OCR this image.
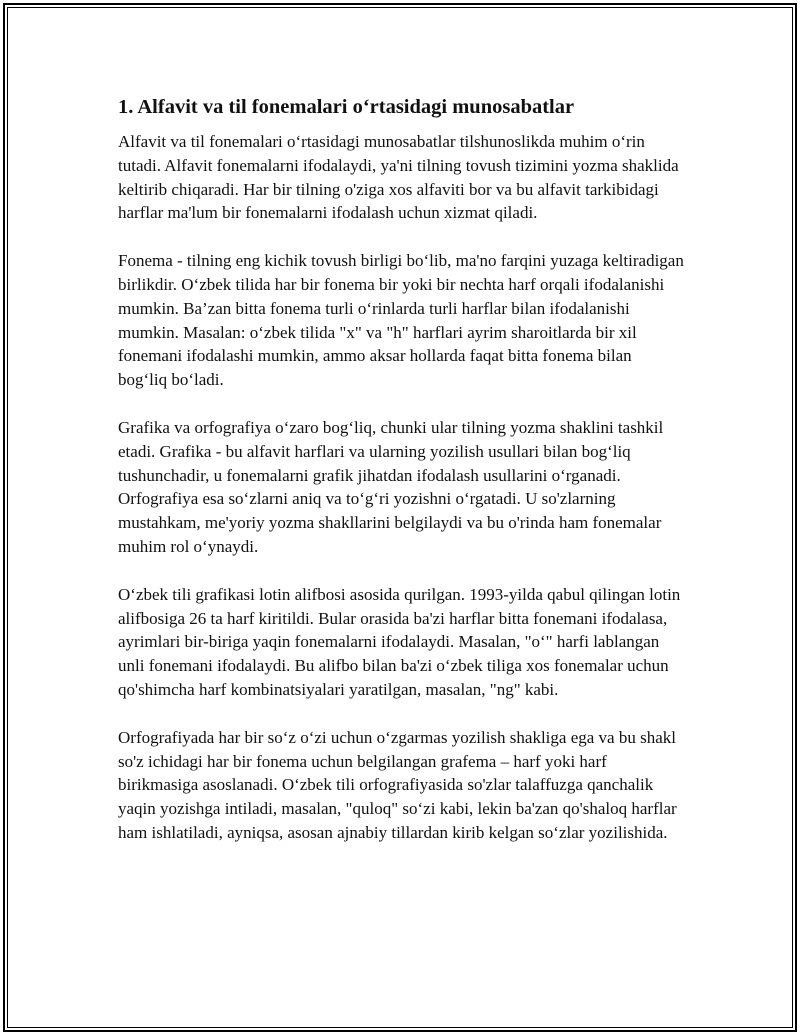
1. Alfavit va til fonemalari o‘rtasidagi munosabatlar

Alfavit va til fonemalari o‘rtasidagi munosabatlar tilshunoslikda muhim o‘rin tutadi. Alfavit fonemalarni ifodalaydi, ya'ni tilning tovush tizimini yozma shaklida keltirib chiqaradi. Har bir tilning o'ziga xos alfaviti bor va bu alfavit tarkibidagi harflar ma'lum bir fonemalarni ifodalash uchun xizmat qiladi.

Fonema - tilning eng kichik tovush birligi bo‘lib, ma'no farqini yuzaga keltiradigan birlikdir. O‘zbek tilida har bir fonema bir yoki bir nechta harf orqali ifodalanishi mumkin. Ba’zan bitta fonema turli o‘rinlarda turli harflar bilan ifodalanishi mumkin. Masalan: o‘zbek tilida "x" va "h" harflari ayrim sharoitlarda bir xil fonemani ifodalashi mumkin, ammo aksar hollarda faqat bitta fonema bilan bog‘liq bo‘ladi.

Grafika va orfografiya o‘zaro bog‘liq, chunki ular tilning yozma shaklini tashkil etadi. Grafika - bu alfavit harflari va ularning yozilish usullari bilan bog‘liq tushunchadir, u fonemalarni grafik jihatdan ifodalash usullarini o‘rganadi. Orfografiya esa so‘zlarni aniq va to‘g‘ri yozishni o‘rgatadi. U so'zlarning mustahkam, me'yoriy yozma shakllarini belgilaydi va bu o'rinda ham fonemalar muhim rol o‘ynaydi.

O‘zbek tili grafikasi lotin alifbosi asosida qurilgan. 1993-yilda qabul qilingan lotin alifbosiga 26 ta harf kiritildi. Bular orasida ba'zi harflar bitta fonemani ifodalasa, ayrimlari bir-biriga yaqin fonemalarni ifodalaydi. Masalan, "o‘" harfi lablangan unli fonemani ifodalaydi. Bu alifbo bilan ba'zi o‘zbek tiliga xos fonemalar uchun qo'shimcha harf kombinatsiyalari yaratilgan, masalan, "ng" kabi.

Orfografiyada har bir so‘z o‘zi uchun o‘zgarmas yozilish shakliga ega va bu shakl so'z ichidagi har bir fonema uchun belgilangan grafema – harf yoki harf birikmasiga asoslanadi. O‘zbek tili orfografiyasida so'zlar talaffuzga qanchalik yaqin yozishga intiladi, masalan, "quloq" so‘zi kabi, lekin ba'zan qo'shaloq harflar ham ishlatiladi, ayniqsa, asosan ajnabiy tillardan kirib kelgan so‘zlar yozilishida.
